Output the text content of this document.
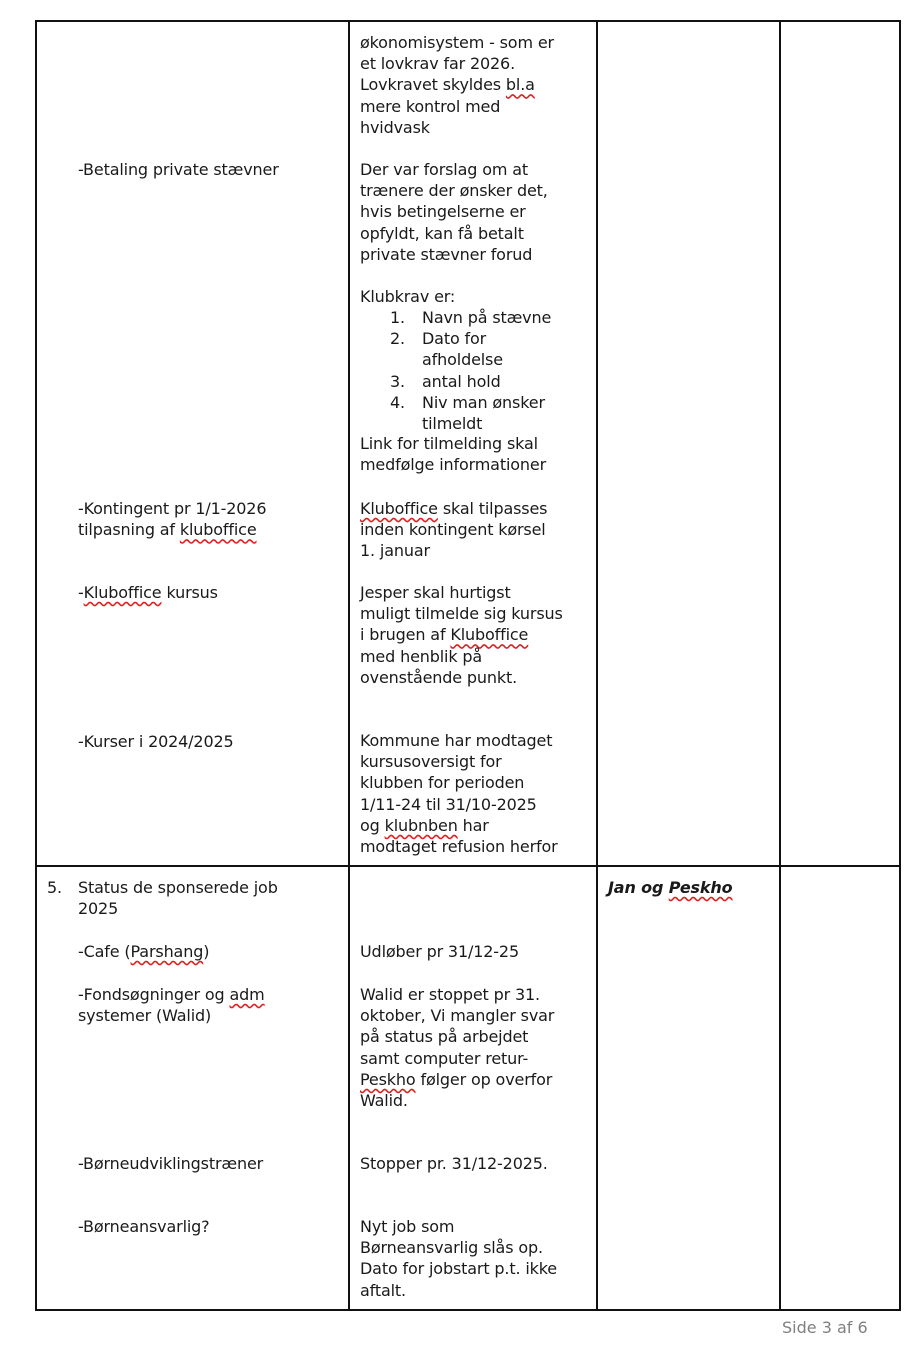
-Betaling private stævner
-Kontingent pr 1/1-2026
tilpasning af kluboffice
-Kluboffice kursus
-Kurser i 2024/2025
økonomisystem - som er
et lovkrav far 2026.
Lovkravet skyldes bl.a
mere kontrol med
hvidvask
Der var forslag om at
trænere der ønsker det,
hvis betingelserne er
opfyldt, kan få betalt
private stævner forud
Klubkrav er:
1. Navn på stævne
2. Dato for
afholdelse
3. antal hold
4. Niv man ønsker
tilmeldt
Link for tilmelding skal
medfølge informationer
Kluboffice skal tilpasses
inden kontingent kørsel
1. januar
Jesper skal hurtigst
muligt tilmelde sig kursus
i brugen af Kluboffice
med henblik på
ovenstående punkt.
Kommune har modtaget
kursusoversigt for
klubben for perioden
1/11-24 til 31/10-2025
og klubnben har
modtaget refusion herfor
5. Status de sponserede job
2025
-Cafe (Parshang)
-Fondsøgninger og adm
systemer (Walid)
-Børneudviklingstræner
-Børneansvarlig?
Udløber pr 31/12-25
Walid er stoppet pr 31.
oktober, Vi mangler svar
på status på arbejdet
samt computer retur-
Peskho følger op overfor
Walid.
Stopper pr. 31/12-2025.
Nyt job som
Børneansvarlig slås op.
Dato for jobstart p.t. ikke
aftalt.
Jan og Peskho
Side 3 af 6
